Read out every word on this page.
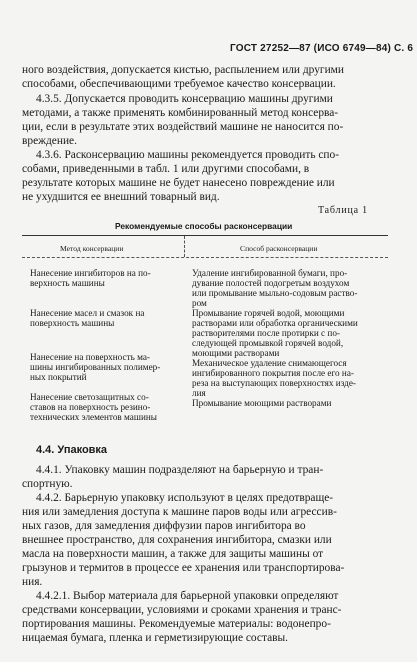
ГОСТ 27252—87 (ИСО 6749—84) С. 6
ного воздействия, допускается кистью, распылением или другими
способами, обеспечивающими требуемое качество консервации.
4.3.5. Допускается проводить консервацию машины другими
методами, а также применять комбинированный метод консерва-
ции, если в результате этих воздействий машине не наносится по-
вреждение.
4.3.6. Расконсервацию машины рекомендуется проводить спо-
собами, приведенными в табл. 1 или другими способами, в
результате которых машине не будет нанесено повреждение или
не ухудшится ее внешний товарный вид.
Таблица 1
Рекомендуемые способы расконсервации
Метод консервации	Способ расконсервации
Нанесение ингибиторов на по-
верхность машины
Нанесение масел и смазок на
поверхность машины
Нанесение на поверхность ма-
шины ингибированных полимер-
ных покрытий
Нанесение светозащитных со-
ставов на поверхность резино-
технических элементов машины
Удаление ингибированной бумаги, про-
дувание полостей подогретым воздухом
или промывание мыльно-содовым раство-
ром
Промывание горячей водой, моющими
растворами или обработка органическими
растворителями после протирки с по-
следующей промывкой горячей водой,
моющими растворами
Механическое удаление снимающегося
ингибированного покрытия после его на-
реза на выступающих поверхностях изде-
лия
Промывание моющими растворами
4.4. Упаковка
4.4.1. Упаковку машин подразделяют на барьерную и тран-
спортную.
4.4.2. Барьерную упаковку используют в целях предотвраще-
ния или замедления доступа к машине паров воды или агрессив-
ных газов, для замедления диффузии паров ингибитора во
внешнее пространство, для сохранения ингибитора, смазки или
масла на поверхности машин, а также для защиты машины от
грызунов и термитов в процессе ее хранения или транспортирова-
ния.
4.4.2.1. Выбор материала для барьерной упаковки определяют
средствами консервации, условиями и сроками хранения и транс-
портирования машины. Рекомендуемые материалы: водонепро-
ницаемая бумага, пленка и герметизирующие составы.
